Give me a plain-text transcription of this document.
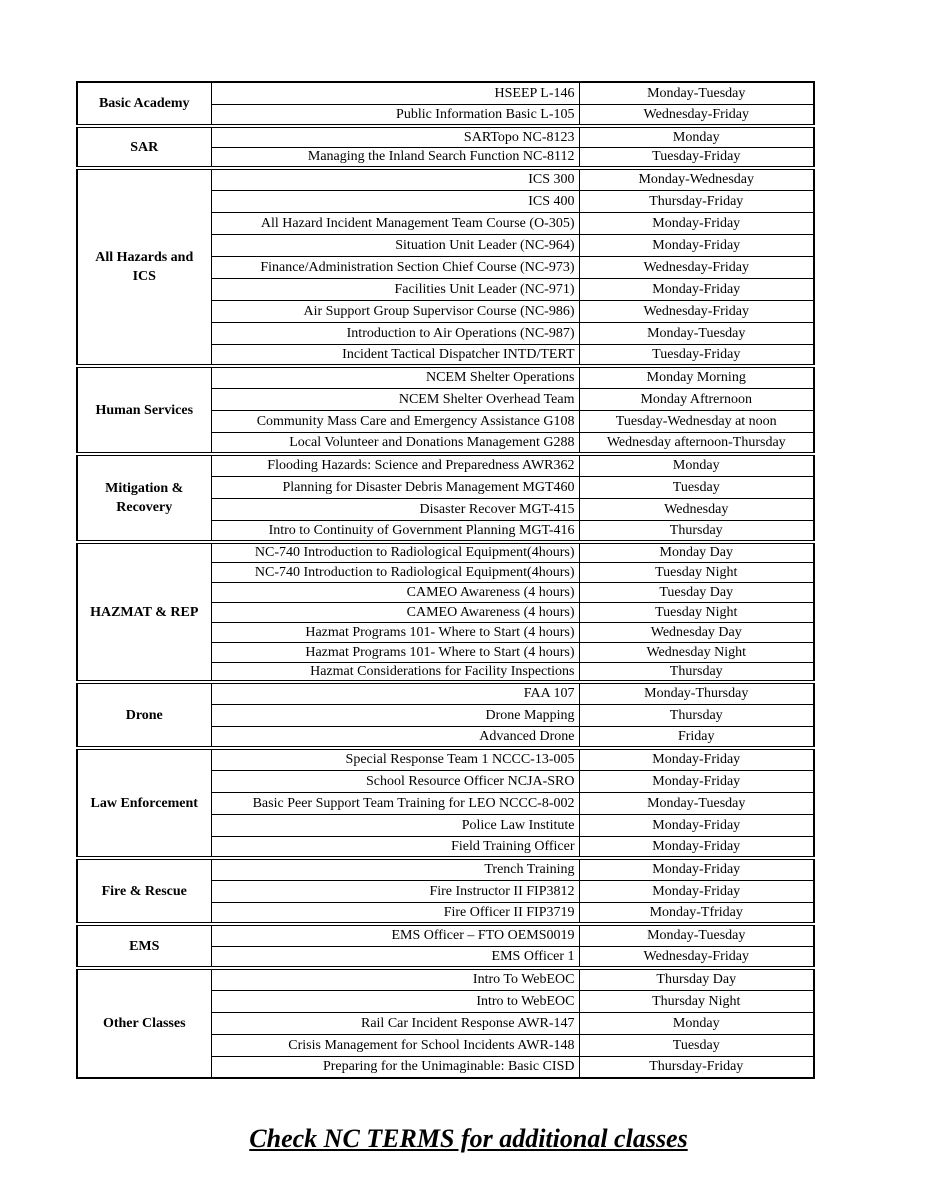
Basic Academy	HSEEP L-146	Monday-Tuesday
	Public Information Basic L-105	Wednesday-Friday
SAR	SARTopo NC-8123	Monday
	Managing the Inland Search Function NC-8112	Tuesday-Friday
All Hazards and ICS	ICS 300	Monday-Wednesday
	ICS 400	Thursday-Friday
	All Hazard Incident Management Team Course (O-305)	Monday-Friday
	Situation Unit Leader (NC-964)	Monday-Friday
	Finance/Administration Section Chief Course (NC-973)	Wednesday-Friday
	Facilities Unit Leader (NC-971)	Monday-Friday
	Air Support Group Supervisor Course (NC-986)	Wednesday-Friday
	Introduction to Air Operations (NC-987)	Monday-Tuesday
	Incident Tactical Dispatcher INTD/TERT	Tuesday-Friday
Human Services	NCEM Shelter Operations	Monday Morning
	NCEM Shelter Overhead Team	Monday Aftrernoon
	Community Mass Care and Emergency Assistance G108	Tuesday-Wednesday at noon
	Local Volunteer and Donations Management G288	Wednesday afternoon-Thursday
Mitigation & Recovery	Flooding Hazards: Science and Preparedness AWR362	Monday
	Planning for Disaster Debris Management MGT460	Tuesday
	Disaster Recover MGT-415	Wednesday
	Intro to Continuity of Government Planning MGT-416	Thursday
HAZMAT & REP	NC-740 Introduction to Radiological Equipment(4hours)	Monday Day
	NC-740 Introduction to Radiological Equipment(4hours)	Tuesday Night
	CAMEO Awareness (4 hours)	Tuesday Day
	CAMEO Awareness (4 hours)	Tuesday Night
	Hazmat Programs 101- Where to Start (4 hours)	Wednesday Day
	Hazmat Programs 101- Where to Start (4 hours)	Wednesday Night
	Hazmat Considerations for Facility Inspections	Thursday
Drone	FAA 107	Monday-Thursday
	Drone Mapping	Thursday
	Advanced Drone	Friday
Law Enforcement	Special Response Team 1 NCCC-13-005	Monday-Friday
	School Resource Officer NCJA-SRO	Monday-Friday
	Basic Peer Support Team Training for LEO NCCC-8-002	Monday-Tuesday
	Police Law Institute	Monday-Friday
	Field Training Officer	Monday-Friday
Fire & Rescue	Trench Training	Monday-Friday
	Fire Instructor II FIP3812	Monday-Friday
	Fire Officer II FIP3719	Monday-Tfriday
EMS	EMS Officer – FTO OEMS0019	Monday-Tuesday
	EMS Officer 1	Wednesday-Friday
Other Classes	Intro To WebEOC	Thursday Day
	Intro to WebEOC	Thursday Night
	Rail Car Incident Response AWR-147	Monday
	Crisis Management for School Incidents AWR-148	Tuesday
	Preparing for the Unimaginable: Basic CISD	Thursday-Friday
Check NC TERMS for additional classes
